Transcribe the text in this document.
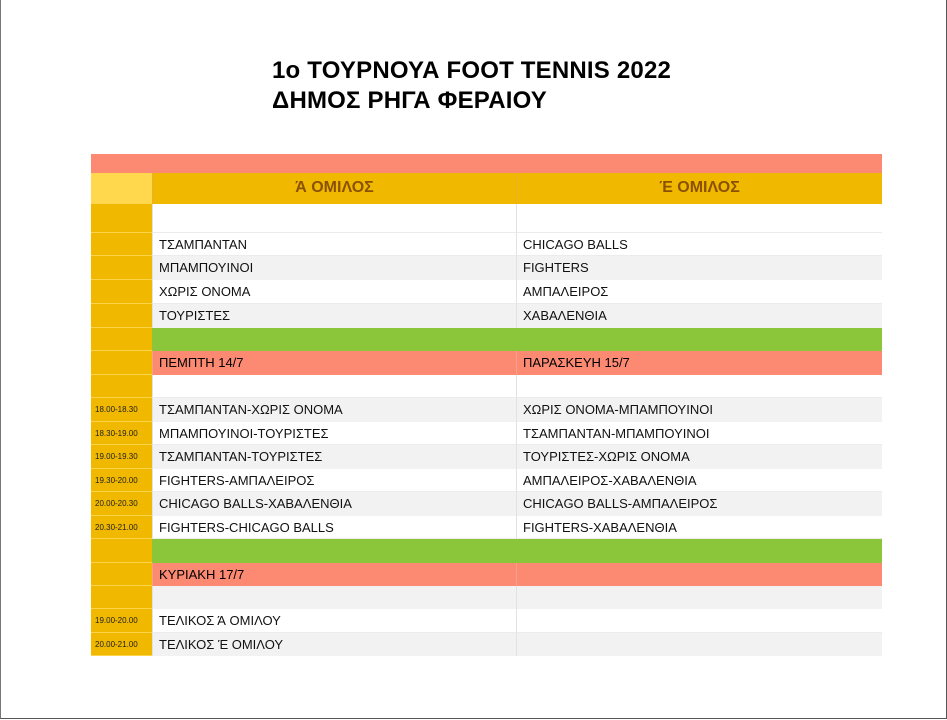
1ο ΤΟΥΡΝΟΥΑ FOOT TENNIS 2022
ΔΗΜΟΣ ΡΗΓΑ ΦΕΡΑΙΟΥ
Ά ΟΜΙΛΟΣ	Έ ΟΜΙΛΟΣ
ΤΣΑΜΠΑΝΤΑΝ	CHICAGO BALLS
ΜΠΑΜΠΟΥΙΝΟΙ	FIGHTERS
ΧΩΡΙΣ ΟΝΟΜΑ	ΑΜΠΑΛΕΙΡΟΣ
ΤΟΥΡΙΣΤΕΣ	ΧΑΒΑΛΕΝΘΙΑ
ΠΕΜΠΤΗ 14/7	ΠΑΡΑΣΚΕΥΗ 15/7
18.00-18.30	ΤΣΑΜΠΑΝΤΑΝ-ΧΩΡΙΣ ΟΝΟΜΑ	ΧΩΡΙΣ ΟΝΟΜΑ-ΜΠΑΜΠΟΥΙΝΟΙ
18.30-19.00	ΜΠΑΜΠΟΥΙΝΟΙ-ΤΟΥΡΙΣΤΕΣ	ΤΣΑΜΠΑΝΤΑΝ-ΜΠΑΜΠΟΥΙΝΟΙ
19.00-19.30	ΤΣΑΜΠΑΝΤΑΝ-ΤΟΥΡΙΣΤΕΣ	ΤΟΥΡΙΣΤΕΣ-ΧΩΡΙΣ ΟΝΟΜΑ
19.30-20.00	FIGHTERS-ΑΜΠΑΛΕΙΡΟΣ	ΑΜΠΑΛΕΙΡΟΣ-ΧΑΒΑΛΕΝΘΙΑ
20.00-20.30	CHICAGO BALLS-ΧΑΒΑΛΕΝΘΙΑ	CHICAGO BALLS-ΑΜΠΑΛΕΙΡΟΣ
20.30-21.00	FIGHTERS-CHICAGO BALLS	FIGHTERS-ΧΑΒΑΛΕΝΘΙΑ
ΚΥΡΙΑΚΗ 17/7
19.00-20.00	ΤΕΛΙΚΟΣ Ά ΟΜΙΛΟΥ
20.00-21.00	ΤΕΛΙΚΟΣ Έ ΟΜΙΛΟΥ
